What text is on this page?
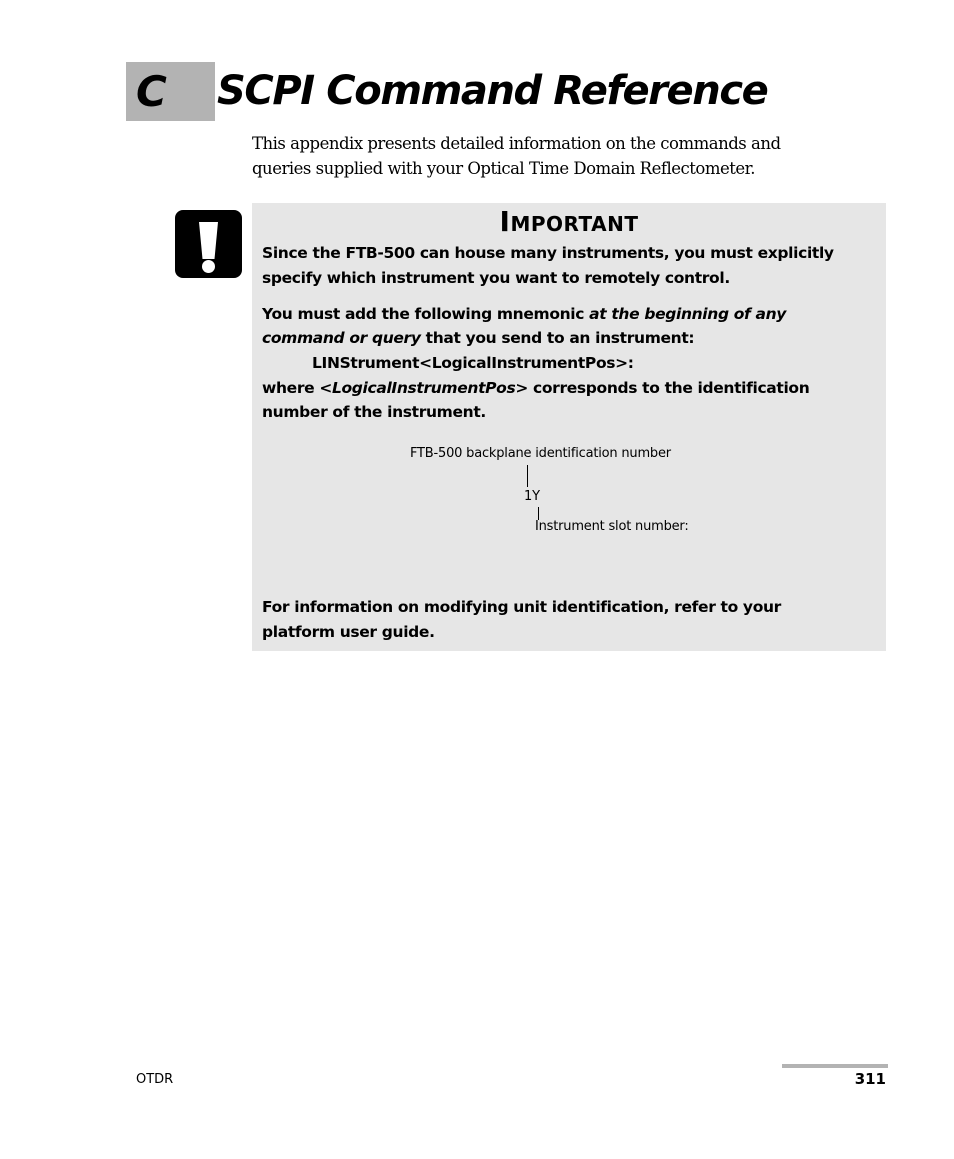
C SCPI Command Reference
This appendix presents detailed information on the commands and
queries supplied with your Optical Time Domain Reflectometer.
Important
Since the FTB-500 can house many instruments, you must explicitly
specify which instrument you want to remotely control.
You must add the following mnemonic at the beginning of any
command or query that you send to an instrument:
LINStrument<LogicalInstrumentPos>:
where <LogicalInstrumentPos> corresponds to the identification
number of the instrument.
FTB-500 backplane identification number
1Y
Instrument slot number:
For information on modifying unit identification, refer to your
platform user guide.
OTDR	311
